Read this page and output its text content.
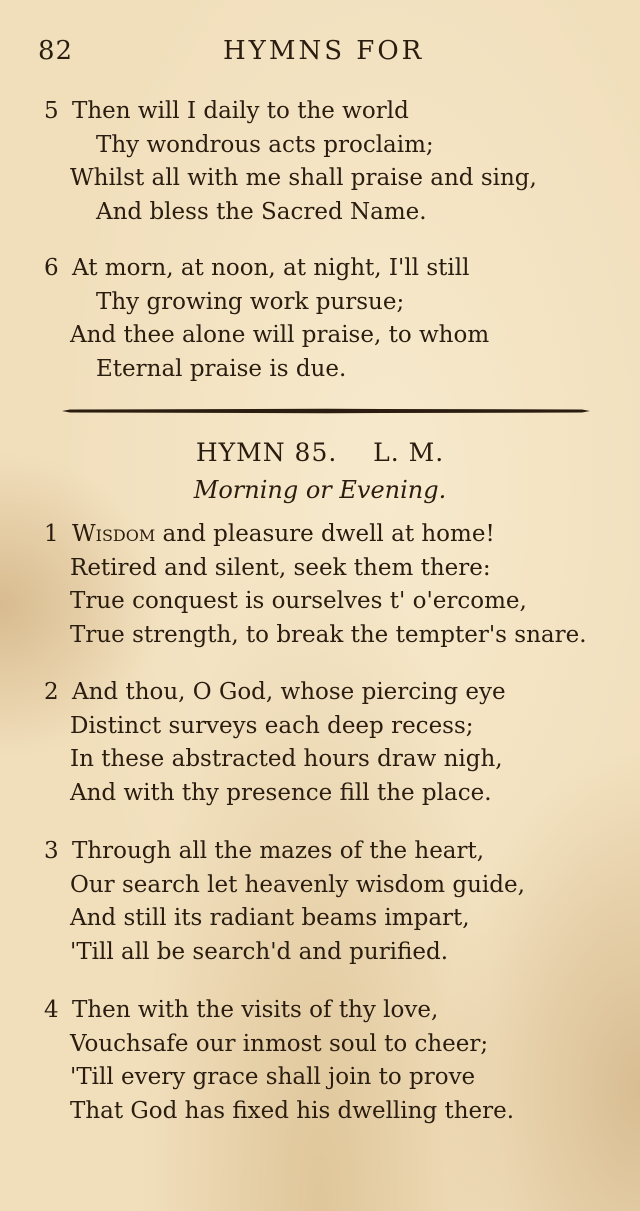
82	HYMNS FOR
5 Then will I daily to the world
Thy wondrous acts proclaim;
Whilst all with me shall praise and sing,
And bless the Sacred Name.
6 At morn, at noon, at night, I'll still
Thy growing work pursue;
And thee alone will praise, to whom
Eternal praise is due.
HYMN 85. L. M.
Morning or Evening.
1 Wisdom and pleasure dwell at home!
Retired and silent, seek them there:
True conquest is ourselves t' o'ercome,
True strength, to break the tempter's snare.
2 And thou, O God, whose piercing eye
Distinct surveys each deep recess;
In these abstracted hours draw nigh,
And with thy presence fill the place.
3 Through all the mazes of the heart,
Our search let heavenly wisdom guide,
And still its radiant beams impart,
'Till all be search'd and purified.
4 Then with the visits of thy love,
Vouchsafe our inmost soul to cheer;
'Till every grace shall join to prove
That God has fixed his dwelling there.
